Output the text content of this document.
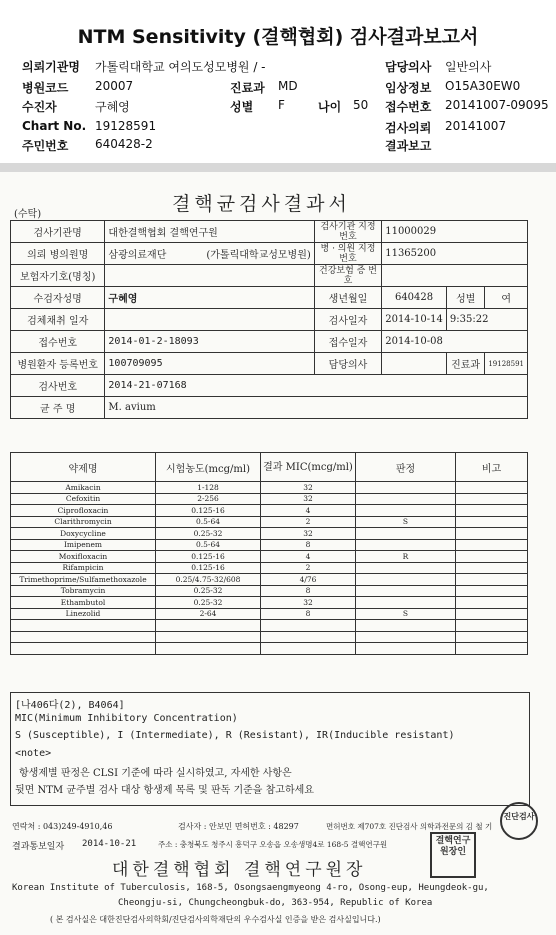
NTM Sensitivity (결핵협회) 검사결과보고서
의뢰기관명 가톨릭대학교 여의도성모병원 / -	담당의사 일반의사
병원코드 20007	진료과 MD	임상정보 O15A30EW0
수진자	구혜영	성별 F	나이 50 접수번호 20141007-09095
Chart No. 19128591	검사의뢰 20141007
주민번호 640428-2	결과보고
(수탁)	결핵균검사결과서
검사기관명	대한결핵협회 결핵연구원	검사기관 지정번호	11000029		
의뢰 병의원명	삼광의료재단 (가톨릭대학교성모병원)	병 · 의원 지정번호	11365200		
보험자기호(명칭)		건강보험 증 번 호			
수검자성명	구혜영	생년월일	640428	성별	여
검체채취 일자		검사일자	2014-10-14	9:35:22	
접수번호	2014-01-2-18093	접수일자	2014-10-08		
병원환자 등록번호	100709095	담당의사		진료과	19128591
검사번호	2014-21-07168				
균 주 명	M. avium				
약제명	시험농도(mcg/ml)	결과 MIC(mcg/ml)	판정	비고
Amikacin	1-128	32		
Cefoxitin	2-256	32		
Ciprofloxacin	0.125-16	4		
Clarithromycin	0.5-64	2	S	
Doxycycline	0.25-32	32		
Imipenem	0.5-64	8		
Moxifloxacin	0.125-16	4	R	
Rifampicin	0.125-16	2		
Trimethoprime/Sulfamethoxazole	0.25/4.75-32/608	4/76		
Tobramycin	0.25-32	8		
Ethambutol	0.25-32	32		
Linezolid	2-64	8	S	

[나406다(2), B4064]
MIC(Minimum Inhibitory Concentration)
S (Susceptible), I (Intermediate), R (Resistant), IR(Inducible resistant)
<note>
항생제별 판정은 CLSI 기준에 따라 실시하였고, 자세한 사항은
뒷면 NTM 균주별 검사 대상 항생제 목록 및 판독 기준을 참고하세요
연락처 : 043)249-4910,46	검사자 : 안보민 면허번호 : 48297	면허번호 제707호 진단검사 의학과전문의 김 철 기
결과통보일자 2014-10-21	주소 : 충청북도 청주시 흥덕구 오송읍 오송생명4로 168-5 결핵연구원
대한결핵협회 결핵연구원장
진단검사
결핵연구원장인
Korean Institute of Tuberculosis, 168-5, Osongsaengmyeong 4-ro, Osong-eup, Heungdeok-gu,
Cheongju-si, Chungcheongbuk-do, 363-954, Republic of Korea
( 본 검사실은 대한진단검사의학회/진단검사의학재단의 우수검사실 인증을 받은 검사실입니다.)
